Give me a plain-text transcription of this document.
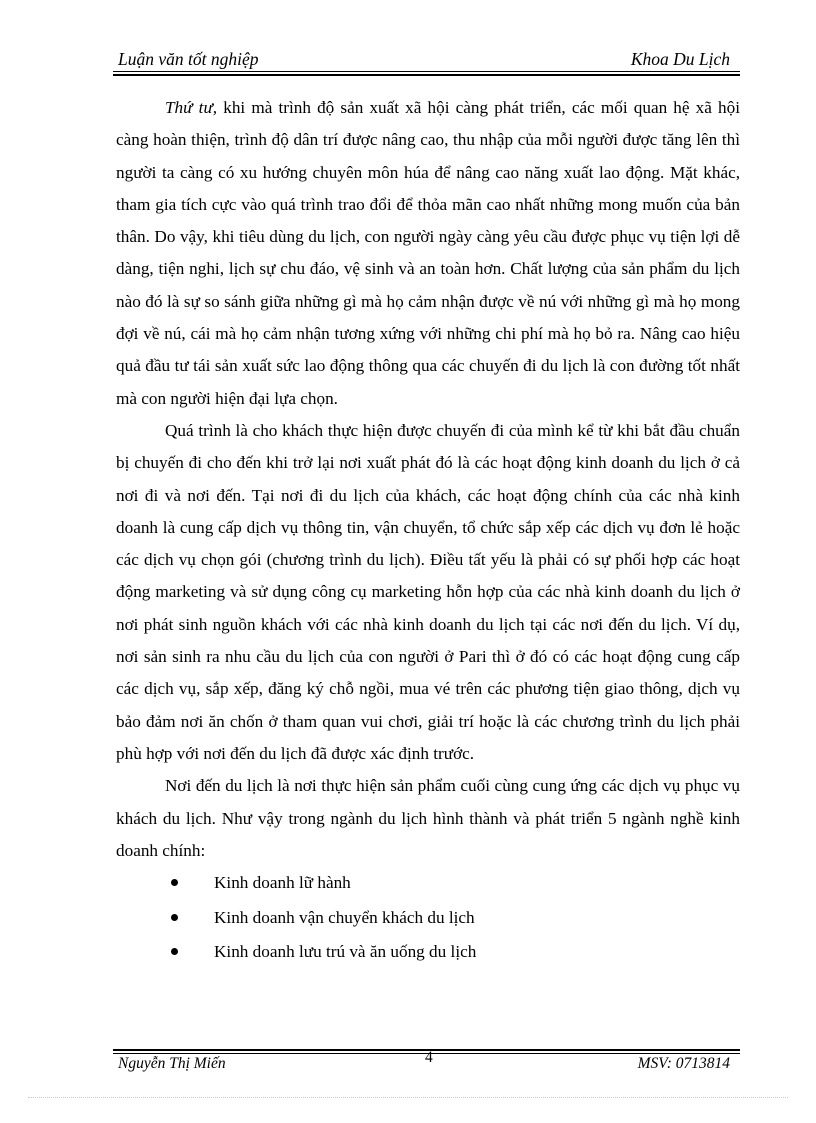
Luận văn tốt nghiệp	Khoa Du Lịch

Thứ tư, khi mà trình độ sản xuất xã hội càng phát triển, các mối quan hệ xã hội càng hoàn thiện, trình độ dân trí được nâng cao, thu nhập của mỗi người được tăng lên thì người ta càng có xu hướng chuyên môn húa để nâng cao năng xuất lao động. Mặt khác, tham gia tích cực vào quá trình trao đổi để thỏa mãn cao nhất những mong muốn của bản thân. Do vậy, khi tiêu dùng du lịch, con người ngày càng yêu cầu được phục vụ tiện lợi dễ dàng, tiện nghi, lịch sự chu đáo, vệ sinh và an toàn hơn. Chất lượng của sản phẩm du lịch nào đó là sự so sánh giữa những gì mà họ cảm nhận được về nú với những gì mà họ mong đợi về nú, cái mà họ cảm nhận tương xứng với những chi phí mà họ bỏ ra. Nâng cao hiệu quả đầu tư tái sản xuất sức lao động thông qua các chuyến đi du lịch là con đường tốt nhất mà con người hiện đại lựa chọn.

Quá trình là cho khách thực hiện được chuyến đi của mình kể từ khi bắt đầu chuẩn bị chuyến đi cho đến khi trở lại nơi xuất phát đó là các hoạt động kinh doanh du lịch ở cả nơi đi và nơi đến. Tại nơi đi du lịch của khách, các hoạt động chính của các nhà kinh doanh là cung cấp dịch vụ thông tin, vận chuyển, tổ chức sắp xếp các dịch vụ đơn lẻ hoặc các dịch vụ chọn gói (chương trình du lịch). Điều tất yếu là phải có sự phối hợp các hoạt động marketing và sử dụng công cụ marketing hỗn hợp của các nhà kinh doanh du lịch ở nơi phát sinh nguồn khách với các nhà kinh doanh du lịch tại các nơi đến du lịch. Ví dụ, nơi sản sinh ra nhu cầu du lịch của con người ở Pari thì ở đó có các hoạt động cung cấp các dịch vụ, sắp xếp, đăng ký chỗ ngồi, mua vé trên các phương tiện giao thông, dịch vụ bảo đảm nơi ăn chốn ở tham quan vui chơi, giải trí hoặc là các chương trình du lịch phải phù hợp với nơi đến du lịch đã được xác định trước.

Nơi đến du lịch là nơi thực hiện sản phẩm cuối cùng cung ứng các dịch vụ phục vụ khách du lịch. Như vậy trong ngành du lịch hình thành và phát triển 5 ngành nghề kinh doanh chính:

Kinh doanh lữ hành
Kinh doanh vận chuyển khách du lịch
Kinh doanh lưu trú và ăn uống du lịch
Nguyễn Thị Miến	4	MSV: 0713814
